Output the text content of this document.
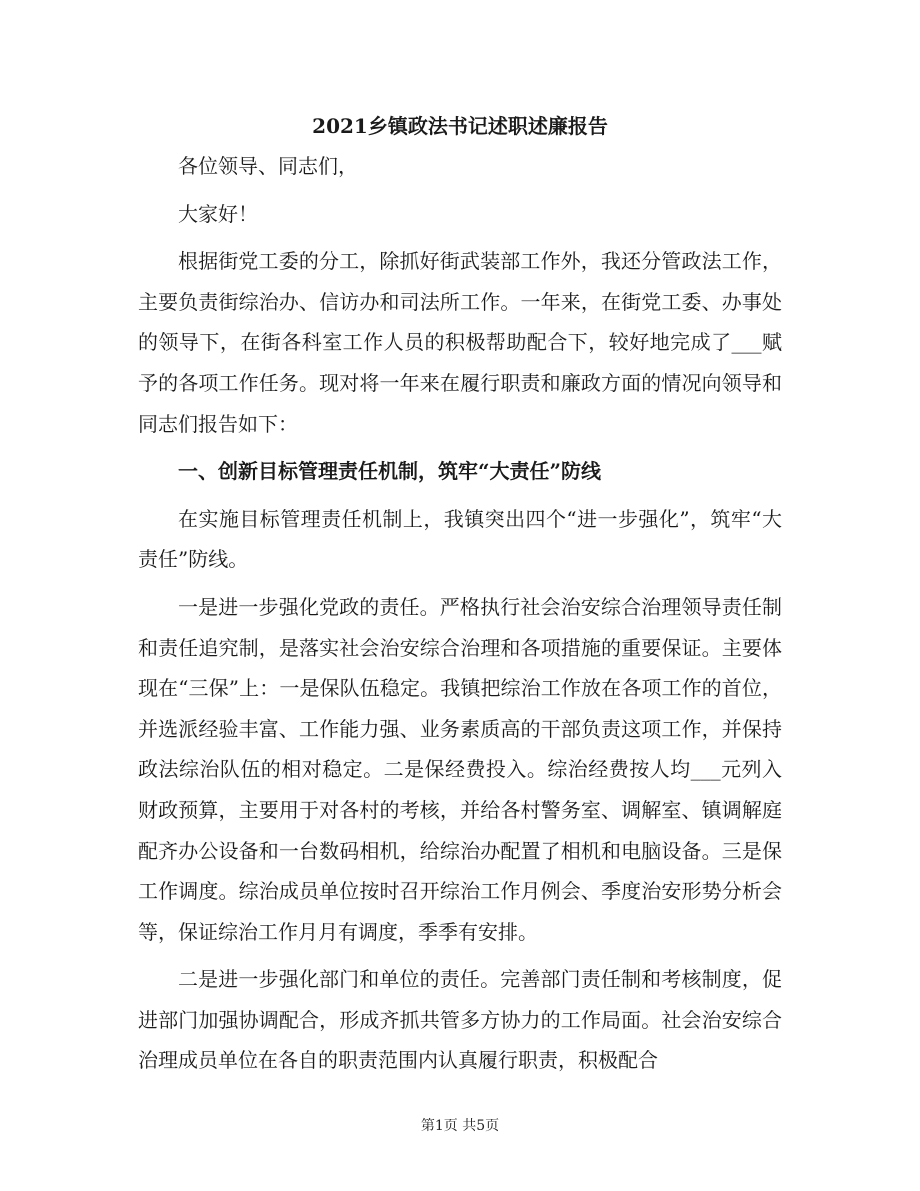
2021乡镇政法书记述职述廉报告

各位领导、同志们，

大家好！

根据街党工委的分工，除抓好街武装部工作外，我还分管政法工作，主要负责街综治办、信访办和司法所工作。一年来，在街党工委、办事处的领导下，在街各科室工作人员的积极帮助配合下，较好地完成了___赋予的各项工作任务。现对将一年来在履行职责和廉政方面的情况向领导和同志们报告如下：

一、创新目标管理责任机制，筑牢“大责任”防线

在实施目标管理责任机制上，我镇突出四个“进一步强化”，筑牢“大责任”防线。

一是进一步强化党政的责任。严格执行社会治安综合治理领导责任制和责任追究制，是落实社会治安综合治理和各项措施的重要保证。主要体现在“三保”上：一是保队伍稳定。我镇把综治工作放在各项工作的首位，并选派经验丰富、工作能力强、业务素质高的干部负责这项工作，并保持政法综治队伍的相对稳定。二是保经费投入。综治经费按人均___元列入财政预算，主要用于对各村的考核，并给各村警务室、调解室、镇调解庭配齐办公设备和一台数码相机，给综治办配置了相机和电脑设备。三是保工作调度。综治成员单位按时召开综治工作月例会、季度治安形势分析会等，保证综治工作月月有调度，季季有安排。

二是进一步强化部门和单位的责任。完善部门责任制和考核制度，促进部门加强协调配合，形成齐抓共管多方协力的工作局面。社会治安综合治理成员单位在各自的职责范围内认真履行职责，积极配合

第1页 共5页
